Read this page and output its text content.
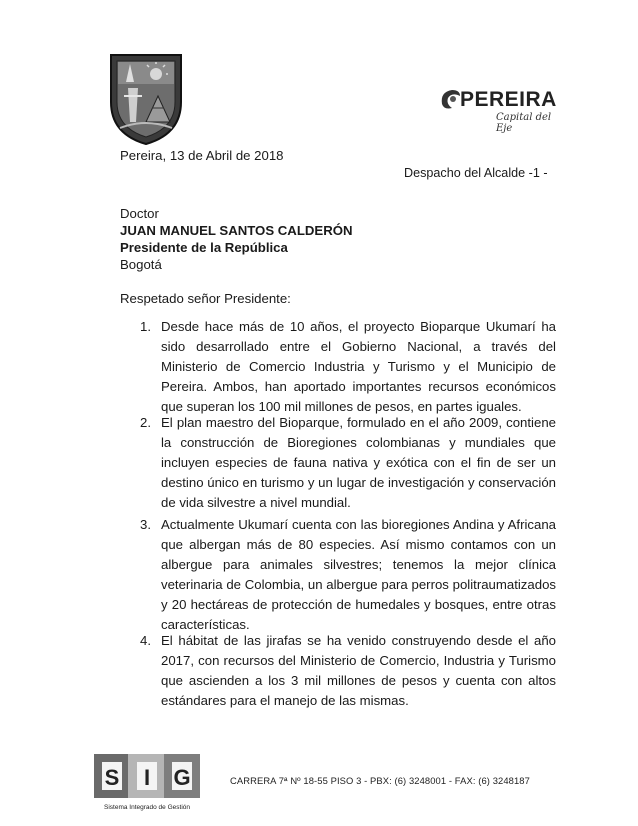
PEREIRA
Capital del Eje
Pereira, 13 de Abril de 2018
Despacho del Alcalde -1 -
Doctor
JUAN MANUEL SANTOS CALDERÓN
Presidente de la República
Bogotá
Respetado señor Presidente:
1. Desde hace más de 10 años, el proyecto Bioparque Ukumarí ha sido desarrollado entre el Gobierno Nacional, a través del Ministerio de Comercio Industria y Turismo y el Municipio de Pereira. Ambos, han aportado importantes recursos económicos que superan los 100 mil millones de pesos, en partes iguales.
2. El plan maestro del Bioparque, formulado en el año 2009, contiene la construcción de Bioregiones colombianas y mundiales que incluyen especies de fauna nativa y exótica con el fin de ser un destino único en turismo y un lugar de investigación y conservación de vida silvestre a nivel mundial.
3. Actualmente Ukumarí cuenta con las bioregiones Andina y Africana que albergan más de 80 especies. Así mismo contamos con un albergue para animales silvestres; tenemos la mejor clínica veterinaria de Colombia, un albergue para perros politraumatizados y 20 hectáreas de protección de humedales y bosques, entre otras características.
4. El hábitat de las jirafas se ha venido construyendo desde el año 2017, con recursos del Ministerio de Comercio, Industria y Turismo que ascienden a los 3 mil millones de pesos y cuenta con altos estándares para el manejo de las mismas.
S I G
Sistema Integrado de Gestión
CARRERA 7ª Nº 18-55 PISO 3 - PBX: (6) 3248001 - FAX: (6) 3248187
